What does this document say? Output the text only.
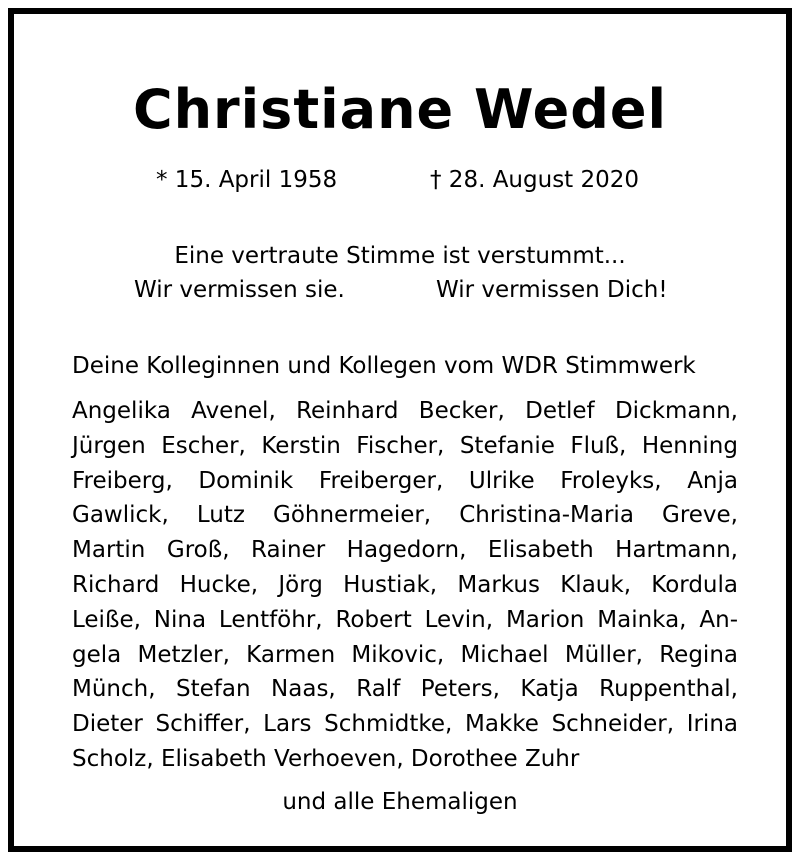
Christiane Wedel
* 15. April 1958	† 28. August 2020
Eine vertraute Stimme ist verstummt...
Wir vermissen sie.	Wir vermissen Dich!
Deine Kolleginnen und Kollegen vom WDR Stimmwerk
Angelika Avenel, Reinhard Becker, Detlef Dickmann,
Jürgen Escher, Kerstin Fischer, Stefanie Fluß, Henning
Freiberg, Dominik Freiberger, Ulrike Froleyks, Anja
Gawlick, Lutz Göhnermeier, Christina-Maria Greve,
Martin Groß, Rainer Hagedorn, Elisabeth Hartmann,
Richard Hucke, Jörg Hustiak, Markus Klauk, Kordula
Leiße, Nina Lentföhr, Robert Levin, Marion Mainka, An-
gela Metzler, Karmen Mikovic, Michael Müller, Regina
Münch, Stefan Naas, Ralf Peters, Katja Ruppenthal,
Dieter Schiffer, Lars Schmidtke, Makke Schneider, Irina
Scholz, Elisabeth Verhoeven, Dorothee Zuhr
und alle Ehemaligen
